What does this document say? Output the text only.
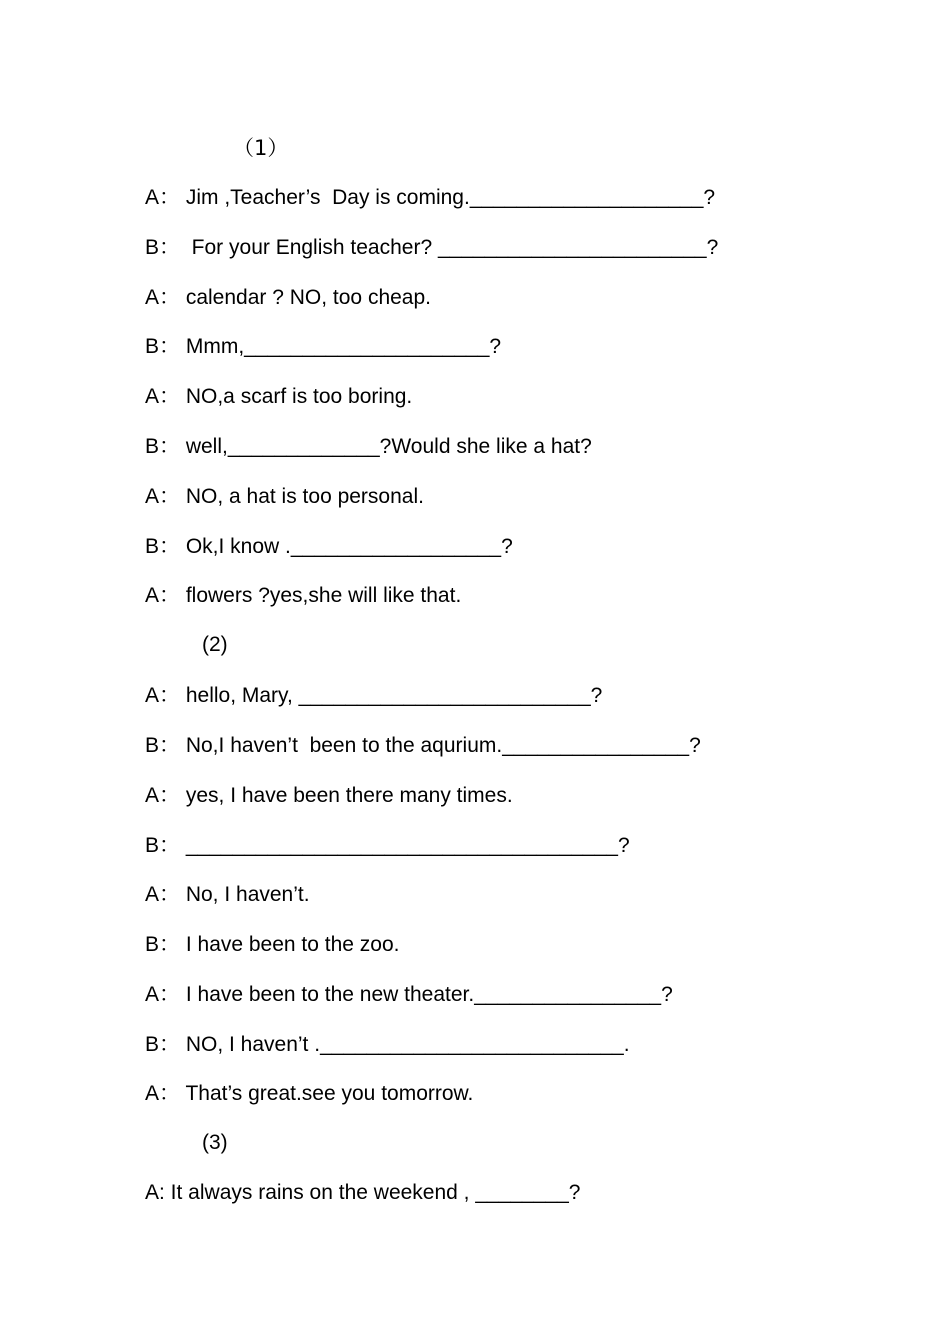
（1）
A： Jim ,Teacher’s  Day is coming.____________________?
B：  For your English teacher? _______________________?
A： calendar ? NO, too cheap.
B： Mmm,_____________________?
A： NO,a scarf is too boring.
B： well,_____________?Would she like a hat?
A： NO, a hat is too personal.
B： Ok,I know .__________________?
A： flowers ?yes,she will like that.
(2)
A： hello, Mary, _________________________?
B： No,I haven’t  been to the aqurium.________________?
A： yes, I have been there many times.
B： _____________________________________?
A： No, I haven’t.
B： I have been to the zoo.
A： I have been to the new theater.________________?
B： NO, I haven’t .__________________________.
A： That’s great.see you tomorrow.
(3)
A: It always rains on the weekend , ________?
